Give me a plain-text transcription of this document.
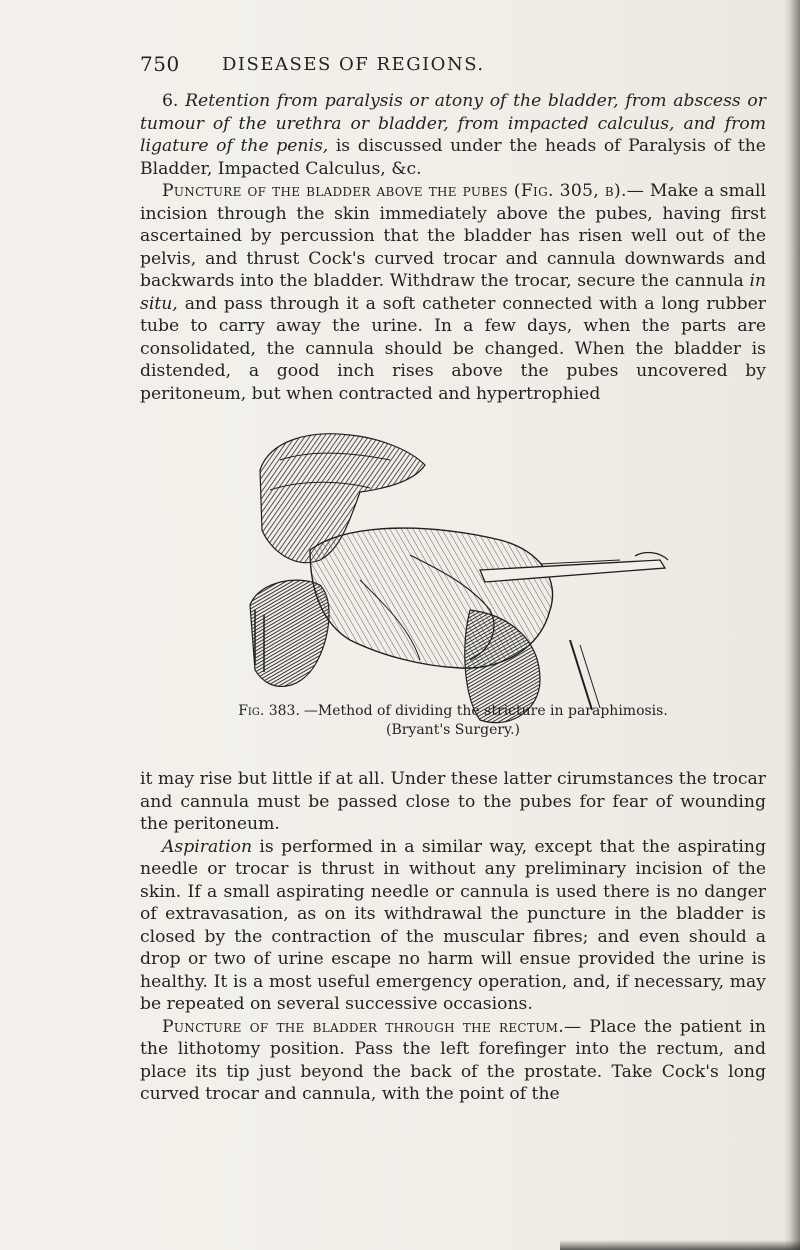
750 DISEASES OF REGIONS.

6. Retention from paralysis or atony of the bladder, from abscess or tumour of the urethra or bladder, from impacted calculus, and from ligature of the penis, is discussed under the heads of Paralysis of the Bladder, Impacted Calculus, &c.

Puncture of the bladder above the pubes (Fig. 305, b).— Make a small incision through the skin immediately above the pubes, having first ascertained by percussion that the bladder has risen well out of the pelvis, and thrust Cock's curved trocar and cannula downwards and backwards into the bladder. Withdraw the trocar, secure the cannula in situ, and pass through it a soft catheter connected with a long rubber tube to carry away the urine. In a few days, when the parts are consolidated, the cannula should be changed. When the bladder is distended, a good inch rises above the pubes uncovered by peritoneum, but when contracted and hypertrophied

Fig. 383. —Method of dividing the stricture in paraphimosis.
(Bryant's Surgery.)

it may rise but little if at all. Under these latter cirumstances the trocar and cannula must be passed close to the pubes for fear of wounding the peritoneum.

Aspiration is performed in a similar way, except that the aspirating needle or trocar is thrust in without any preliminary incision of the skin. If a small aspirating needle or cannula is used there is no danger of extravasation, as on its withdrawal the puncture in the bladder is closed by the contraction of the muscular fibres; and even should a drop or two of urine escape no harm will ensue provided the urine is healthy. It is a most useful emergency operation, and, if necessary, may be repeated on several successive occasions.

Puncture of the bladder through the rectum.— Place the patient in the lithotomy position. Pass the left forefinger into the rectum, and place its tip just beyond the back of the prostate. Take Cock's long curved trocar and cannula, with the point of the
